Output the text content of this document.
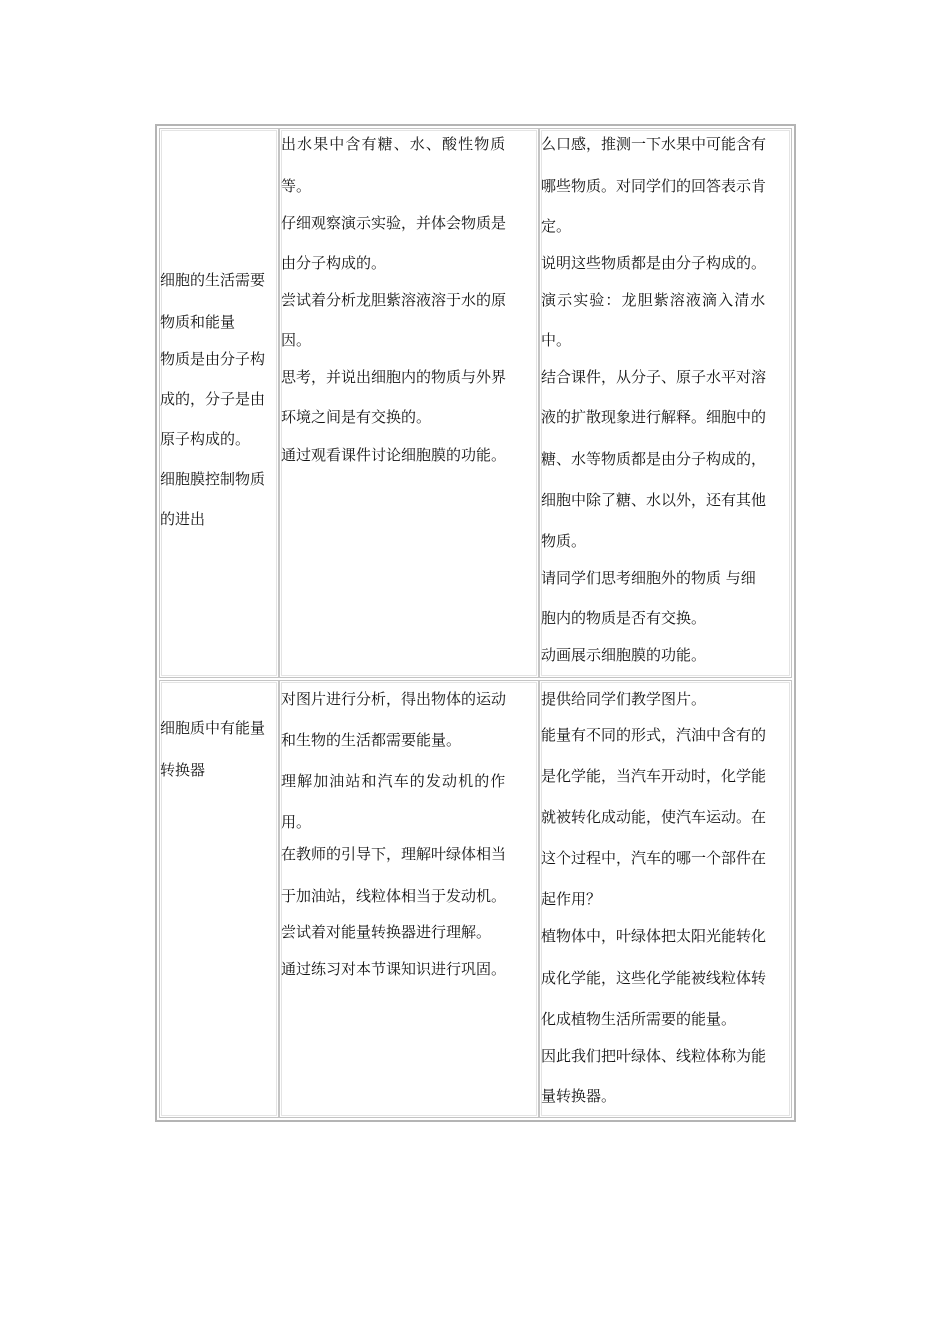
细胞的生活需要
物质和能量
物质是由分子构
成的，分子是由
原子构成的。
细胞膜控制物质
的进出
出水果中含有糖、水、酸性物质
等。
仔细观察演示实验，并体会物质是
由分子构成的。
尝试着分析龙胆紫溶液溶于水的原
因。
思考，并说出细胞内的物质与外界
环境之间是有交换的。
通过观看课件讨论细胞膜的功能。
么口感，推测一下水果中可能含有
哪些物质。对同学们的回答表示肯
定。
说明这些物质都是由分子构成的。
演示实验：龙胆紫溶液滴入清水
中。
结合课件，从分子、原子水平对溶
液的扩散现象进行解释。细胞中的
糖、水等物质都是由分子构成的，
细胞中除了糖、水以外，还有其他
物质。
请同学们思考细胞外的物质 与细
胞内的物质是否有交换。
动画展示细胞膜的功能。
细胞质中有能量
转换器
对图片进行分析，得出物体的运动
和生物的生活都需要能量。
理解加油站和汽车的发动机的作
用。
在教师的引导下，理解叶绿体相当
于加油站，线粒体相当于发动机。
尝试着对能量转换器进行理解。
通过练习对本节课知识进行巩固。
提供给同学们教学图片。
能量有不同的形式，汽油中含有的
是化学能，当汽车开动时，化学能
就被转化成动能，使汽车运动。在
这个过程中，汽车的哪一个部件在
起作用？
植物体中，叶绿体把太阳光能转化
成化学能，这些化学能被线粒体转
化成植物生活所需要的能量。
因此我们把叶绿体、线粒体称为能
量转换器。
